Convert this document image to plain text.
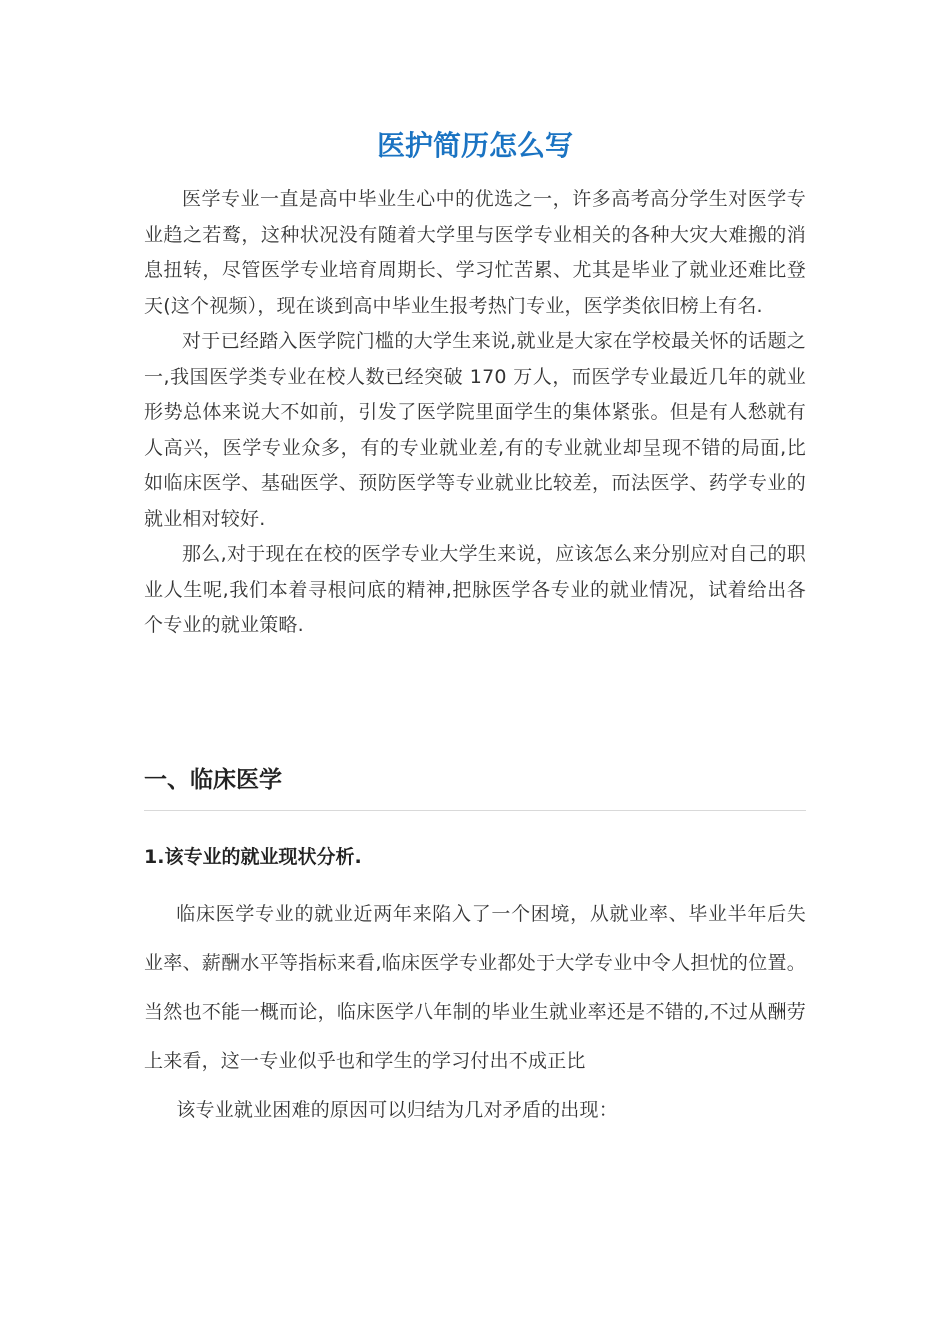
医护简历怎么写

医学专业一直是高中毕业生心中的优选之一，许多高考高分学生对医学专业趋之若鹜，这种状况没有随着大学里与医学专业相关的各种大灾大难搬的消息扭转，尽管医学专业培育周期长、学习忙苦累、尤其是毕业了就业还难比登天(这个视频），现在谈到高中毕业生报考热门专业，医学类依旧榜上有名.

对于已经踏入医学院门槛的大学生来说,就业是大家在学校最关怀的话题之一,我国医学类专业在校人数已经突破 170 万人，而医学专业最近几年的就业形势总体来说大不如前，引发了医学院里面学生的集体紧张。但是有人愁就有人高兴，医学专业众多，有的专业就业差,有的专业就业却呈现不错的局面,比如临床医学、基础医学、预防医学等专业就业比较差，而法医学、药学专业的就业相对较好.

那么,对于现在在校的医学专业大学生来说，应该怎么来分别应对自己的职业人生呢,我们本着寻根问底的精神,把脉医学各专业的就业情况，试着给出各个专业的就业策略.

一、临床医学
1.该专业的就业现状分析.

临床医学专业的就业近两年来陷入了一个困境，从就业率、毕业半年后失业率、薪酬水平等指标来看,临床医学专业都处于大学专业中令人担忧的位置。当然也不能一概而论，临床医学八年制的毕业生就业率还是不错的,不过从酬劳上来看，这一专业似乎也和学生的学习付出不成正比

该专业就业困难的原因可以归结为几对矛盾的出现：
